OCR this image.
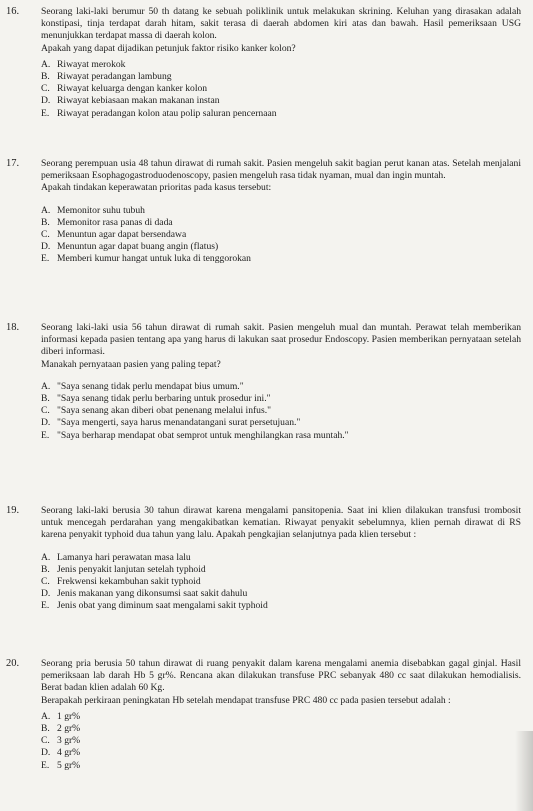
16. Seorang laki-laki berumur 50 th datang ke sebuah poliklinik untuk melakukan skrining. Keluhan yang dirasakan adalah konstipasi, tinja terdapat darah hitam, sakit terasa di daerah abdomen kiri atas dan bawah. Hasil pemeriksaan USG menunjukkan terdapat massa di daerah kolon.

Apakah yang dapat dijadikan petunjuk faktor risiko kanker kolon?

A. Riwayat merokok
B. Riwayat peradangan lambung
C. Riwayat keluarga dengan kanker kolon
D. Riwayat kebiasaan makan makanan instan
E. Riwayat peradangan kolon atau polip saluran pencernaan
17. Seorang perempuan usia 48 tahun dirawat di rumah sakit. Pasien mengeluh sakit bagian perut kanan atas. Setelah menjalani pemeriksaan Esophagogastroduodenoscopy, pasien mengeluh rasa tidak nyaman, mual dan ingin muntah.

Apakah tindakan keperawatan prioritas pada kasus tersebut:

A. Memonitor suhu tubuh
B. Memonitor rasa panas di dada
C. Menuntun agar dapat bersendawa
D. Menuntun agar dapat buang angin (flatus)
E. Memberi kumur hangat untuk luka di tenggorokan
18. Seorang laki-laki usia 56 tahun dirawat di rumah sakit. Pasien mengeluh mual dan muntah. Perawat telah memberikan informasi kepada pasien tentang apa yang harus di lakukan saat prosedur Endoscopy. Pasien memberikan pernyataan setelah diberi informasi.

Manakah pernyataan pasien yang paling tepat?

A. "Saya senang tidak perlu mendapat bius umum."
B. "Saya senang tidak perlu berbaring untuk prosedur ini."
C. "Saya senang akan diberi obat penenang melalui infus."
D. "Saya mengerti, saya harus menandatangani surat persetujuan."
E. "Saya berharap mendapat obat semprot untuk menghilangkan rasa muntah."
19. Seorang laki-laki berusia 30 tahun dirawat karena mengalami pansitopenia. Saat ini klien dilakukan transfusi trombosit untuk mencegah perdarahan yang mengakibatkan kematian. Riwayat penyakit sebelumnya, klien pernah dirawat di RS karena penyakit typhoid dua tahun yang lalu. Apakah pengkajian selanjutnya pada klien tersebut :

A. Lamanya hari perawatan masa lalu
B. Jenis penyakit lanjutan setelah typhoid
C. Frekwensi kekambuhan sakit typhoid
D. Jenis makanan yang dikonsumsi saat sakit dahulu
E. Jenis obat yang diminum saat mengalami sakit typhoid
20. Seorang pria berusia 50 tahun dirawat di ruang penyakit dalam karena mengalami anemia disebabkan gagal ginjal. Hasil pemeriksaan lab darah Hb 5 gr%. Rencana akan dilakukan transfuse PRC sebanyak 480 cc saat dilakukan hemodialisis. Berat badan klien adalah 60 Kg.

Berapakah perkiraan peningkatan Hb setelah mendapat transfuse PRC 480 cc pada pasien tersebut adalah :

A. 1 gr%
B. 2 gr%
C. 3 gr%
D. 4 gr%
E. 5 gr%
